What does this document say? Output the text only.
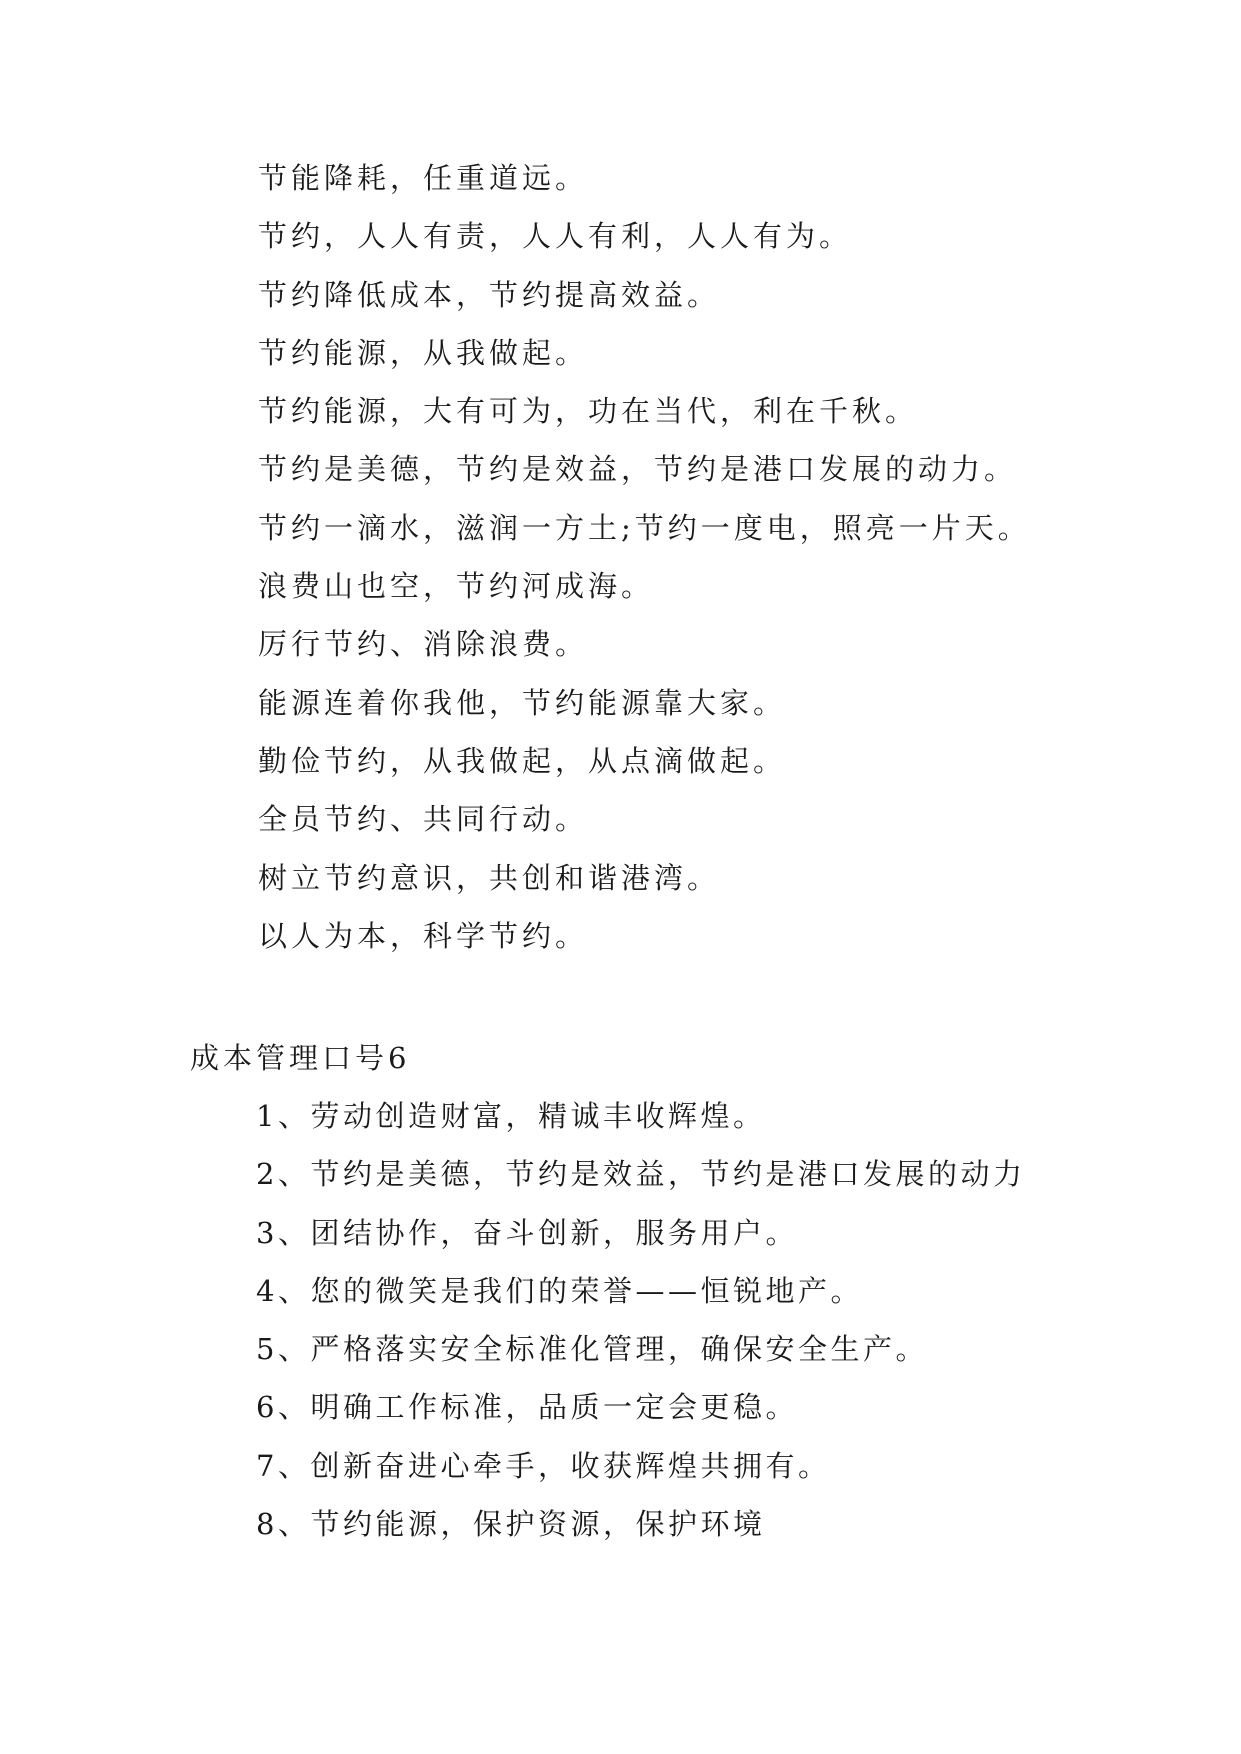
节能降耗，任重道远。
节约，人人有责，人人有利，人人有为。
节约降低成本，节约提高效益。
节约能源，从我做起。
节约能源，大有可为，功在当代，利在千秋。
节约是美德，节约是效益，节约是港口发展的动力。
节约一滴水，滋润一方土;节约一度电，照亮一片天。
浪费山也空，节约河成海。
厉行节约、消除浪费。
能源连着你我他，节约能源靠大家。
勤俭节约，从我做起，从点滴做起。
全员节约、共同行动。
树立节约意识，共创和谐港湾。
以人为本，科学节约。
成本管理口号6
1、劳动创造财富，精诚丰收辉煌。
2、节约是美德，节约是效益，节约是港口发展的动力
3、团结协作，奋斗创新，服务用户。
4、您的微笑是我们的荣誉——恒锐地产。
5、严格落实安全标准化管理，确保安全生产。
6、明确工作标准，品质一定会更稳。
7、创新奋进心牵手，收获辉煌共拥有。
8、节约能源，保护资源，保护环境
